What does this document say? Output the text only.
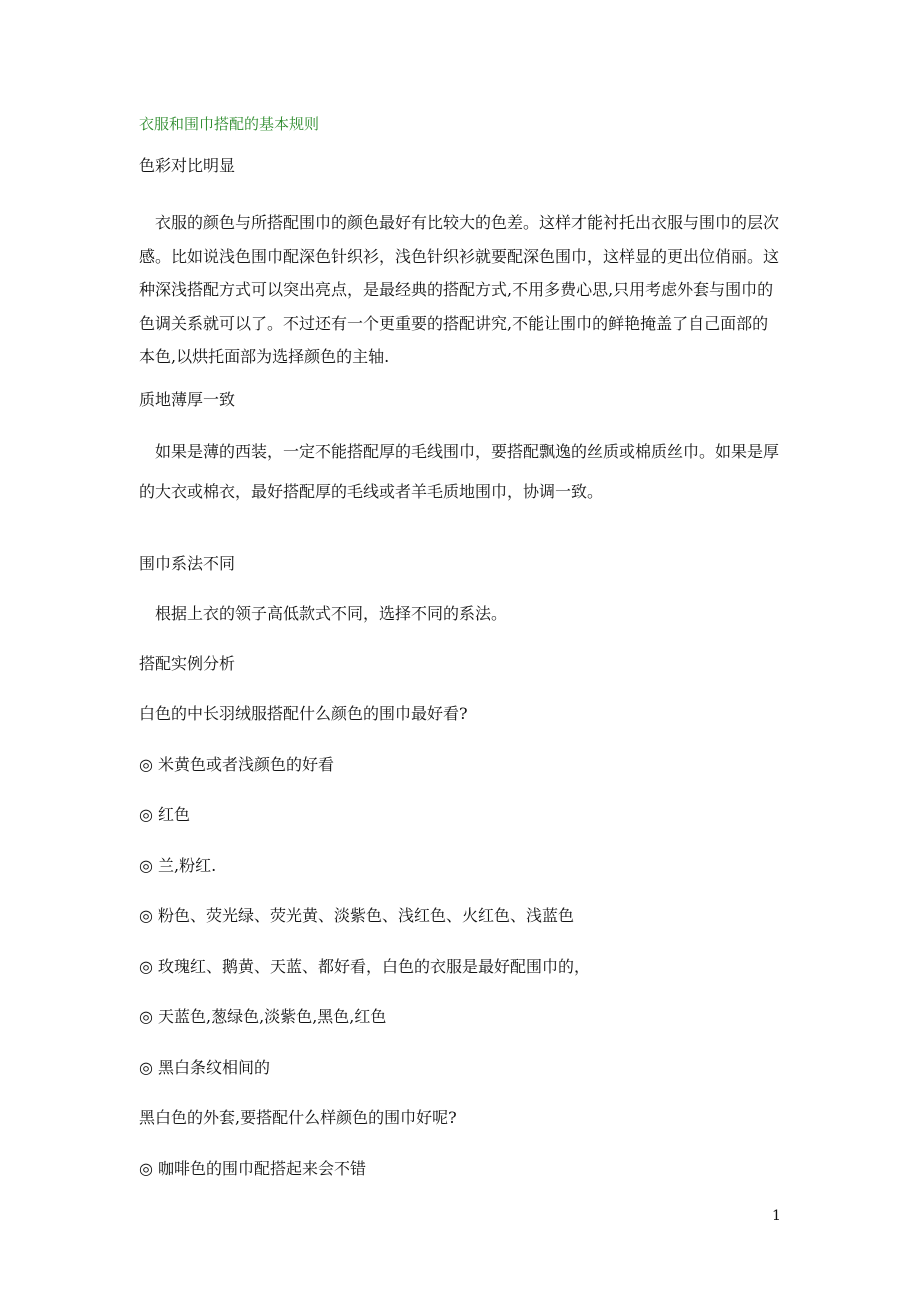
衣服和围巾搭配的基本规则
色彩对比明显
　衣服的颜色与所搭配围巾的颜色最好有比较大的色差。这样才能衬托出衣服与围巾的层次
感。比如说浅色围巾配深色针织衫，浅色针织衫就要配深色围巾，这样显的更出位俏丽。这
种深浅搭配方式可以突出亮点，是最经典的搭配方式,不用多费心思,只用考虑外套与围巾的
色调关系就可以了。不过还有一个更重要的搭配讲究,不能让围巾的鲜艳掩盖了自己面部的
本色,以烘托面部为选择颜色的主轴.
质地薄厚一致
　如果是薄的西装，一定不能搭配厚的毛线围巾，要搭配飘逸的丝质或棉质丝巾。如果是厚
的大衣或棉衣，最好搭配厚的毛线或者羊毛质地围巾，协调一致。
围巾系法不同
　根据上衣的领子高低款式不同，选择不同的系法。
搭配实例分析
白色的中长羽绒服搭配什么颜色的围巾最好看?
◎ 米黄色或者浅颜色的好看
◎ 红色
◎ 兰,粉红.
◎ 粉色、荧光绿、荧光黄、淡紫色、浅红色、火红色、浅蓝色
◎ 玫瑰红、鹅黄、天蓝、都好看，白色的衣服是最好配围巾的，
◎ 天蓝色,葱绿色,淡紫色,黑色,红色
◎ 黑白条纹相间的
黑白色的外套,要搭配什么样颜色的围巾好呢?
◎ 咖啡色的围巾配搭起来会不错
1
